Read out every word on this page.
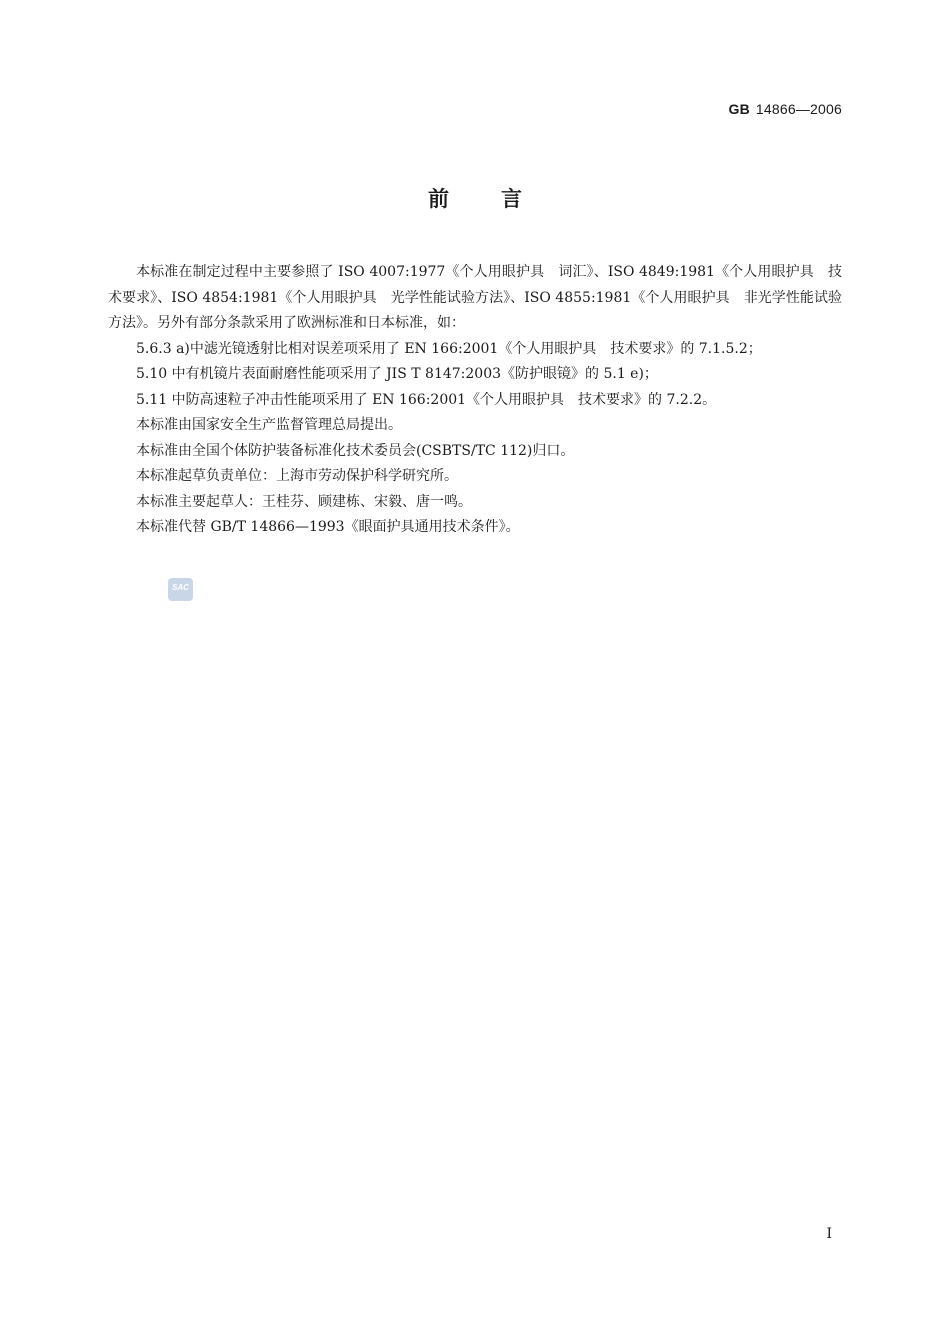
GB 14866—2006
前言

本标准在制定过程中主要参照了 ISO 4007:1977《个人用眼护具　词汇》、ISO 4849:1981《个人用眼护具　技术要求》、ISO 4854:1981《个人用眼护具　光学性能试验方法》、ISO 4855:1981《个人用眼护具　非光学性能试验方法》。另外有部分条款采用了欧洲标准和日本标准，如：

5.6.3 a)中滤光镜透射比相对误差项采用了 EN 166:2001《个人用眼护具　技术要求》的 7.1.5.2；

5.10 中有机镜片表面耐磨性能项采用了 JIS T 8147:2003《防护眼镜》的 5.1 e)；

5.11 中防高速粒子冲击性能项采用了 EN 166:2001《个人用眼护具　技术要求》的 7.2.2。

本标准由国家安全生产监督管理总局提出。

本标准由全国个体防护装备标准化技术委员会(CSBTS/TC 112)归口。

本标准起草负责单位：上海市劳动保护科学研究所。

本标准主要起草人：王桂芬、顾建栋、宋毅、唐一鸣。

本标准代替 GB/T 14866—1993《眼面护具通用技术条件》。

SAC
I
